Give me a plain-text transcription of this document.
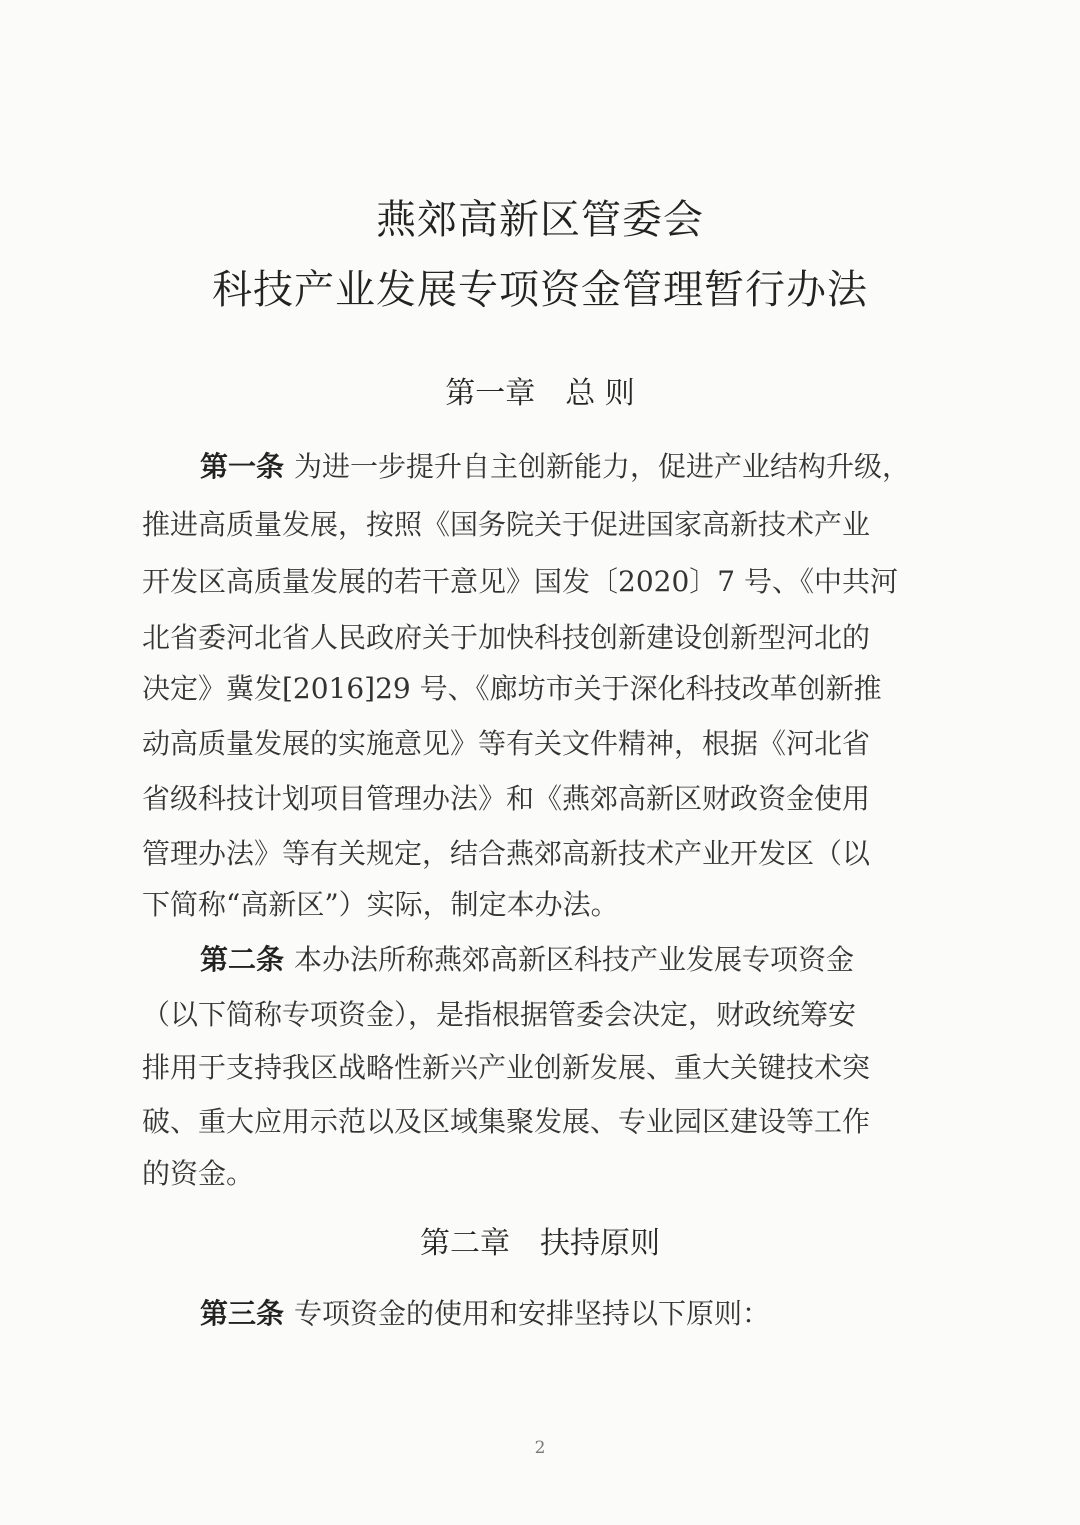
燕郊高新区管委会
科技产业发展专项资金管理暂行办法
第一章　总 则
第一条 为进一步提升自主创新能力，促进产业结构升级，
推进高质量发展，按照《国务院关于促进国家高新技术产业
开发区高质量发展的若干意见》国发〔2020〕7 号、《中共河
北省委河北省人民政府关于加快科技创新建设创新型河北的
决定》冀发[2016]29 号、《廊坊市关于深化科技改革创新推
动高质量发展的实施意见》等有关文件精神，根据《河北省
省级科技计划项目管理办法》和《燕郊高新区财政资金使用
管理办法》等有关规定，结合燕郊高新技术产业开发区（以
下简称“高新区”）实际，制定本办法。
第二条 本办法所称燕郊高新区科技产业发展专项资金
（以下简称专项资金），是指根据管委会决定，财政统筹安
排用于支持我区战略性新兴产业创新发展、重大关键技术突
破、重大应用示范以及区域集聚发展、专业园区建设等工作
的资金。
第二章　扶持原则
第三条 专项资金的使用和安排坚持以下原则：
2
